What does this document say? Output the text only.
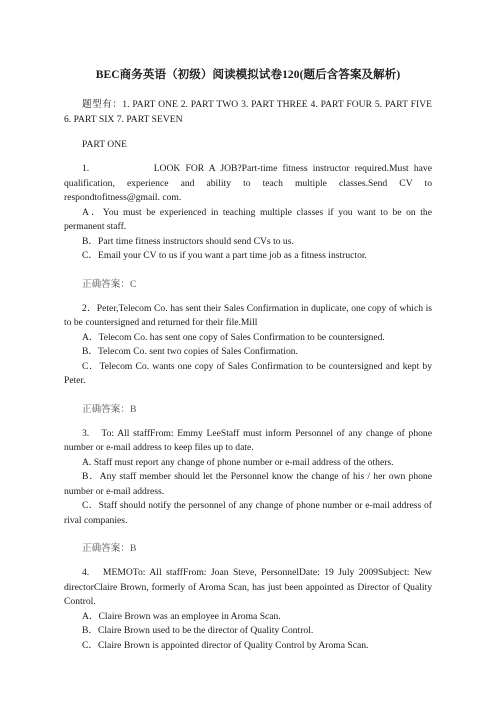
BEC商务英语（初级）阅读模拟试卷120(题后含答案及解析)

题型有：1. PART ONE 2. PART TWO 3. PART THREE 4. PART FOUR 5. PART FIVE 6. PART SIX 7. PART SEVEN

PART ONE

1.　　　　　LOOK FOR A JOB?Part-time fitness instructor required.Must have qualification, experience and ability to teach multiple classes.Send CV to respondtofitness@gmail. com.

A．You must be experienced in teaching multiple classes if you want to be on the permanent staff.

B．Part time fitness instructors should send CVs to us.

C．Email your CV to us if you want a part time job as a fitness instructor.

正确答案：C

2．Peter,Telecom Co. has sent their Sales Confirmation in duplicate, one copy of which is to be countersigned and returned for their file.Mill

A．Telecom Co. has sent one copy of Sales Confirmation to be countersigned.

B．Telecom Co. sent two copies of Sales Confirmation.

C．Telecom Co. wants one copy of Sales Confirmation to be countersigned and kept by Peter.

正确答案：B

3.　To: All staffFrom: Emmy LeeStaff must inform Personnel of any change of phone number or e-mail address to keep files up to date.

A. Staff must report any change of phone number or e-mail address of the others.

B．Any staff member should let the Personnel know the change of his / her own phone number or e-mail address.

C．Staff should notify the personnel of any change of phone number or e-mail address of rival companies.

正确答案：B

4.　MEMOTo: All staffFrom: Joan Steve, PersonnelDate: 19 July 2009Subject: New directorClaire Brown, formerly of Aroma Scan, has just been appointed as Director of Quality Control.

A．Claire Brown was an employee in Aroma Scan.

B．Claire Brown used to be the director of Quality Control.

C．Claire Brown is appointed director of Quality Control by Aroma Scan.
